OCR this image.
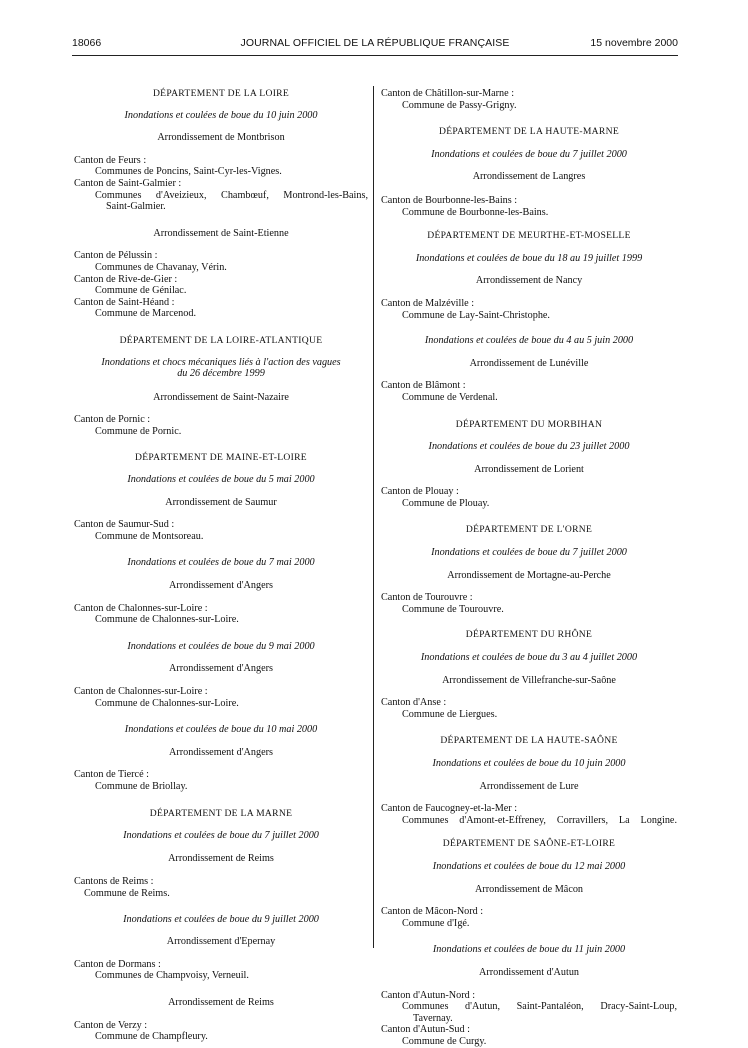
18066	JOURNAL OFFICIEL DE LA RÉPUBLIQUE FRANÇAISE	15 novembre 2000

DÉPARTEMENT DE LA LOIRE

Inondations et coulées de boue du 10 juin 2000

Arrondissement de Montbrison

Canton de Feurs :

Communes de Poncins, Saint-Cyr-les-Vignes.

Canton de Saint-Galmier :

Communes d'Aveizieux, Chambœuf, Montrond-les-Bains,

Saint-Galmier.

Arrondissement de Saint-Etienne

Canton de Pélussin :

Communes de Chavanay, Vérin.

Canton de Rive-de-Gier :

Commune de Génilac.

Canton de Saint-Héand :

Commune de Marcenod.

DÉPARTEMENT DE LA LOIRE-ATLANTIQUE

Inondations et chocs mécaniques liés à l'action des vagues

du 26 décembre 1999

Arrondissement de Saint-Nazaire

Canton de Pornic :

Commune de Pornic.

DÉPARTEMENT DE MAINE-ET-LOIRE

Inondations et coulées de boue du 5 mai 2000

Arrondissement de Saumur

Canton de Saumur-Sud :

Commune de Montsoreau.

Inondations et coulées de boue du 7 mai 2000

Arrondissement d'Angers

Canton de Chalonnes-sur-Loire :

Commune de Chalonnes-sur-Loire.

Inondations et coulées de boue du 9 mai 2000

Arrondissement d'Angers

Canton de Chalonnes-sur-Loire :

Commune de Chalonnes-sur-Loire.

Inondations et coulées de boue du 10 mai 2000

Arrondissement d'Angers

Canton de Tiercé :

Commune de Briollay.

DÉPARTEMENT DE LA MARNE

Inondations et coulées de boue du 7 juillet 2000

Arrondissement de Reims

Cantons de Reims :

Commune de Reims.

Inondations et coulées de boue du 9 juillet 2000

Arrondissement d'Epernay

Canton de Dormans :

Communes de Champvoisy, Verneuil.

Arrondissement de Reims

Canton de Verzy :

Commune de Champfleury.

Canton de Châtillon-sur-Marne :

Commune de Passy-Grigny.

DÉPARTEMENT DE LA HAUTE-MARNE

Inondations et coulées de boue du 7 juillet 2000

Arrondissement de Langres

Canton de Bourbonne-les-Bains :

Commune de Bourbonne-les-Bains.

DÉPARTEMENT DE MEURTHE-ET-MOSELLE

Inondations et coulées de boue du 18 au 19 juillet 1999

Arrondissement de Nancy

Canton de Malzéville :

Commune de Lay-Saint-Christophe.

Inondations et coulées de boue du 4 au 5 juin 2000

Arrondissement de Lunéville

Canton de Blâmont :

Commune de Verdenal.

DÉPARTEMENT DU MORBIHAN

Inondations et coulées de boue du 23 juillet 2000

Arrondissement de Lorient

Canton de Plouay :

Commune de Plouay.

DÉPARTEMENT DE L'ORNE

Inondations et coulées de boue du 7 juillet 2000

Arrondissement de Mortagne-au-Perche

Canton de Tourouvre :

Commune de Tourouvre.

DÉPARTEMENT DU RHÔNE

Inondations et coulées de boue du 3 au 4 juillet 2000

Arrondissement de Villefranche-sur-Saône

Canton d'Anse :

Commune de Liergues.

DÉPARTEMENT DE LA HAUTE-SAÔNE

Inondations et coulées de boue du 10 juin 2000

Arrondissement de Lure

Canton de Faucogney-et-la-Mer :

Communes d'Amont-et-Effreney, Corravillers, La Longine.

DÉPARTEMENT DE SAÔNE-ET-LOIRE

Inondations et coulées de boue du 12 mai 2000

Arrondissement de Mâcon

Canton de Mâcon-Nord :

Commune d'Igé.

Inondations et coulées de boue du 11 juin 2000

Arrondissement d'Autun

Canton d'Autun-Nord :

Communes d'Autun, Saint-Pantaléon, Dracy-Saint-Loup,

Tavernay.

Canton d'Autun-Sud :

Commune de Curgy.
